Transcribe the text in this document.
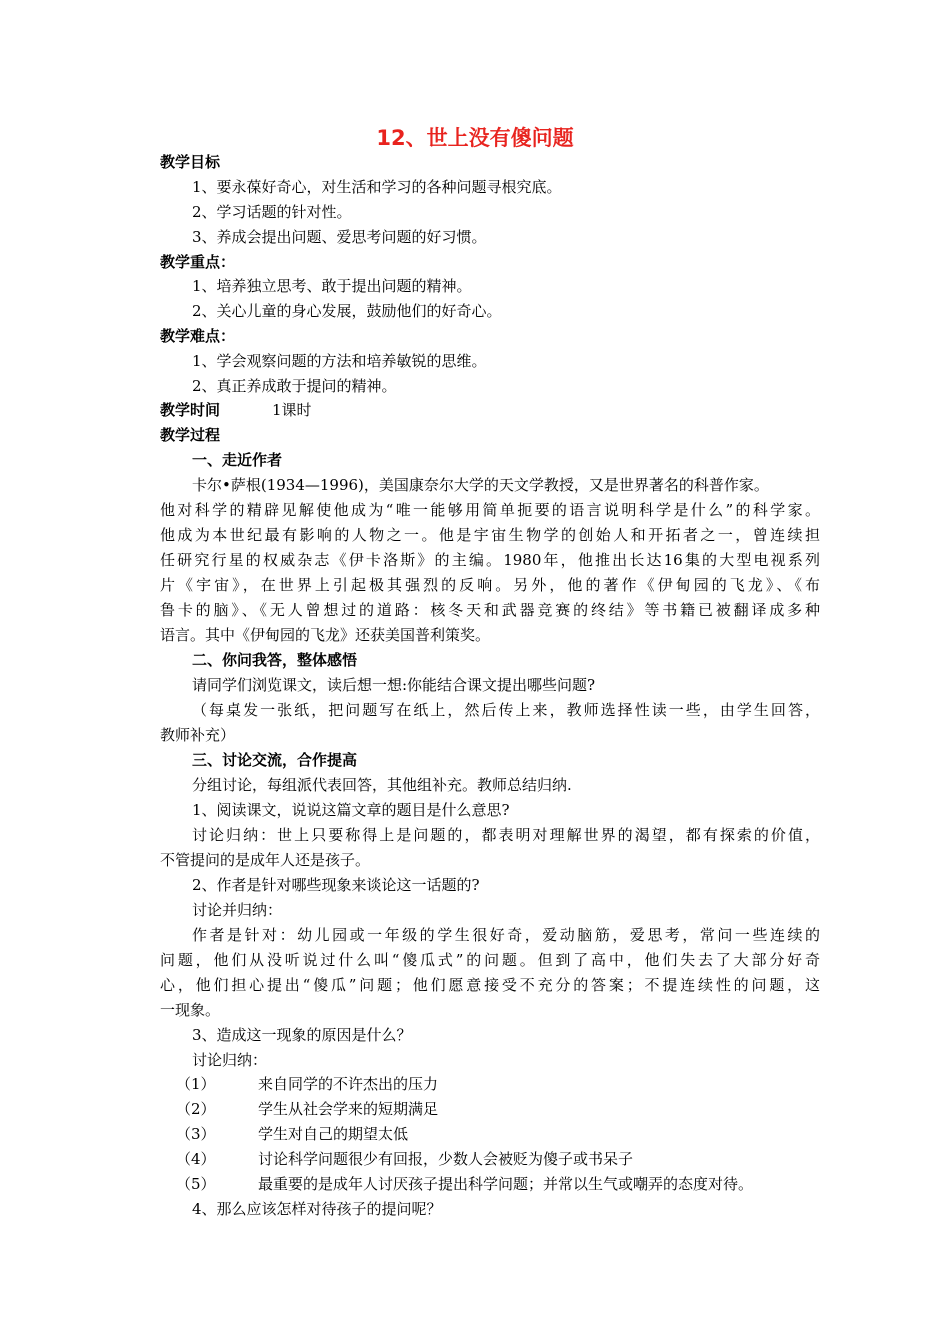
12、世上没有傻问题
教学目标
1、要永葆好奇心，对生活和学习的各种问题寻根究底。
2、学习话题的针对性。
3、养成会提出问题、爱思考问题的好习惯。
教学重点：
1、培养独立思考、敢于提出问题的精神。
2、关心儿童的身心发展，鼓励他们的好奇心。
教学难点：
1、学会观察问题的方法和培养敏锐的思维。
2、真正养成敢于提问的精神。
教学时间	1课时
教学过程
一、走近作者
卡尔•萨根(1934—1996)，美国康奈尔大学的天文学教授，又是世界著名的科普作家。
他对科学的精辟见解使他成为“唯一能够用简单扼要的语言说明科学是什么”的科学家。
他成为本世纪最有影响的人物之一。他是宇宙生物学的创始人和开拓者之一，曾连续担
任研究行星的权威杂志《伊卡洛斯》的主编。1980年，他推出长达16集的大型电视系列
片《宇宙》，在世界上引起极其强烈的反响。另外，他的著作《伊甸园的飞龙》、《布
鲁卡的脑》、《无人曾想过的道路：核冬天和武器竞赛的终结》等书籍已被翻译成多种
语言。其中《伊甸园的飞龙》还获美国普利策奖。
二、你问我答，整体感悟
请同学们浏览课文，读后想一想:你能结合课文提出哪些问题?
（每桌发一张纸，把问题写在纸上，然后传上来，教师选择性读一些，由学生回答，
教师补充）
三、讨论交流，合作提高
分组讨论，每组派代表回答，其他组补充。教师总结归纳.
1、阅读课文，说说这篇文章的题目是什么意思?
讨论归纳：世上只要称得上是问题的，都表明对理解世界的渴望，都有探索的价值，
不管提问的是成年人还是孩子。
2、作者是针对哪些现象来谈论这一话题的?
讨论并归纳：
作者是针对：幼儿园或一年级的学生很好奇，爱动脑筋，爱思考，常问一些连续的
问题，他们从没听说过什么叫“傻瓜式”的问题。但到了高中，他们失去了大部分好奇
心，他们担心提出“傻瓜”问题；他们愿意接受不充分的答案；不提连续性的问题，这
一现象。
3、造成这一现象的原因是什么？
讨论归纳：
（1）	来自同学的不许杰出的压力
（2）	学生从社会学来的短期满足
（3）	学生对自己的期望太低
（4）	讨论科学问题很少有回报，少数人会被贬为傻子或书呆子
（5）	最重要的是成年人讨厌孩子提出科学问题；并常以生气或嘲弄的态度对待。
4、那么应该怎样对待孩子的提问呢？
